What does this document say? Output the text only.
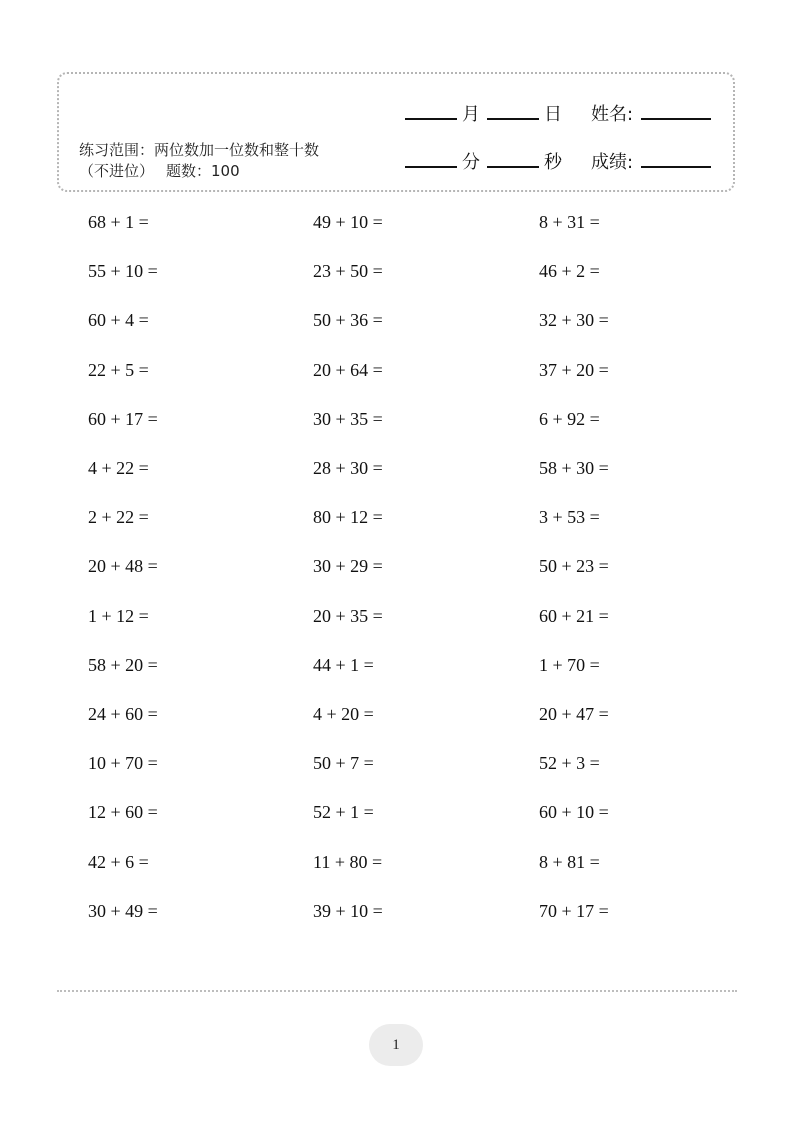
月	日 姓名:
分	秒 成绩:
练习范围：两位数加一位数和整十数（不进位） 题数：100
68 + 1 =	49 + 10 =	8 + 31 =
55 + 10 =	23 + 50 =	46 + 2 =
60 + 4 =	50 + 36 =	32 + 30 =
22 + 5 =	20 + 64 =	37 + 20 =
60 + 17 =	30 + 35 =	6 + 92 =
4 + 22 =	28 + 30 =	58 + 30 =
2 + 22 =	80 + 12 =	3 + 53 =
20 + 48 =	30 + 29 =	50 + 23 =
1 + 12 =	20 + 35 =	60 + 21 =
58 + 20 =	44 + 1 =	1 + 70 =
24 + 60 =	4 + 20 =	20 + 47 =
10 + 70 =	50 + 7 =	52 + 3 =
12 + 60 =	52 + 1 =	60 + 10 =
42 + 6 =	11 + 80 =	8 + 81 =
30 + 49 =	39 + 10 =	70 + 17 =
1
